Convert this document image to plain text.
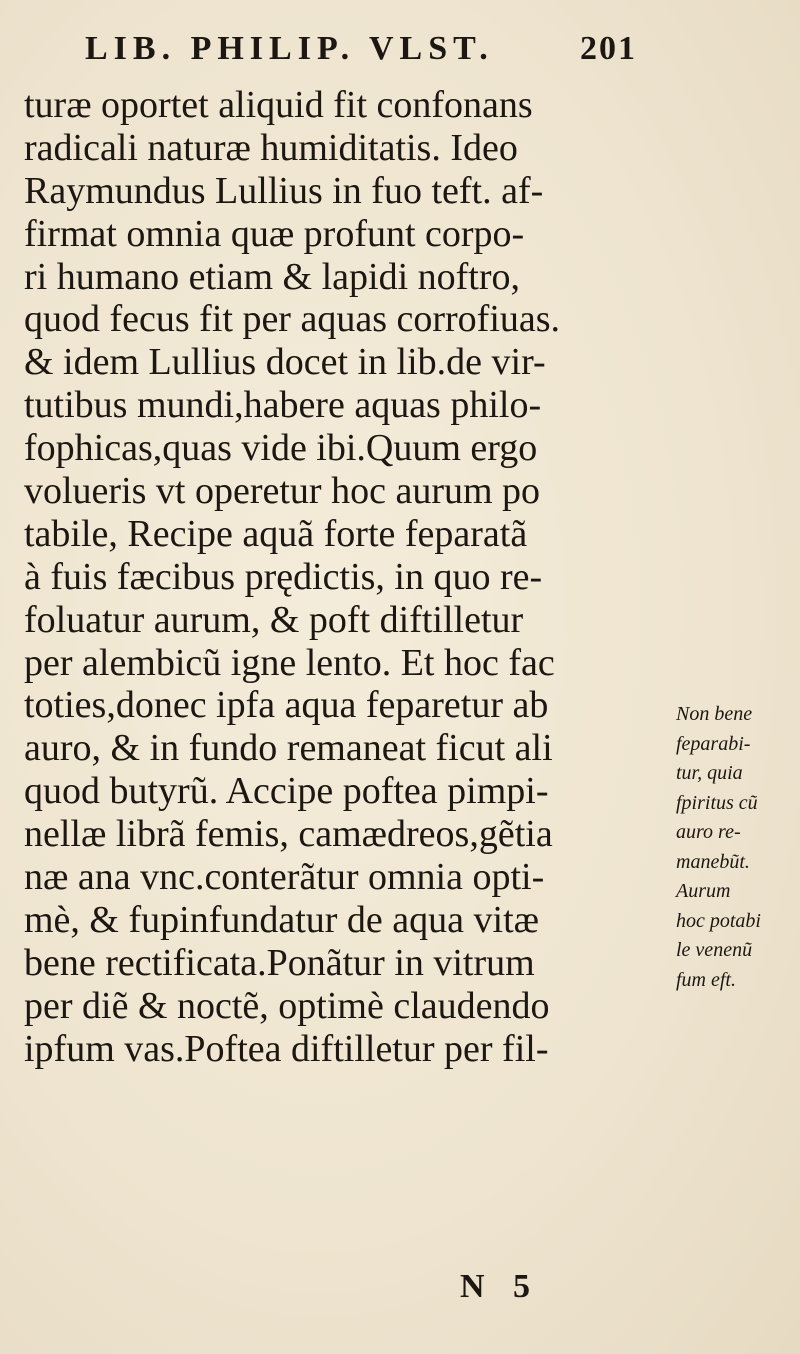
LIB. PHILIP. VLST.	201
turæ oportet aliquid fit confonans
radicali naturæ humiditatis. Ideo
Raymundus Lullius in fuo teft. af-
firmat omnia quæ profunt corpo-
ri humano etiam & lapidi noftro,
quod fecus fit per aquas corrofiuas.
& idem Lullius docet in lib.de vir-
tutibus mundi,habere aquas philo-
fophicas,quas vide ibi.Quum ergo
volueris vt operetur hoc aurum po
tabile, Recipe aquã forte feparatã
à fuis fæcibus prędictis, in quo re-
foluatur aurum, & poft diftilletur
per alembicũ igne lento. Et hoc fac
toties,donec ipfa aqua feparetur ab
auro, & in fundo remaneat ficut ali
quod butyrũ. Accipe poftea pimpi-
nellæ librã femis, camædreos,gẽtia
næ ana vnc.conterãtur omnia opti-
mè, & fupinfundatur de aqua vitæ
bene rectificata.Ponãtur in vitrum
per diẽ & noctẽ, optimè claudendo
ipfum vas.Poftea diftilletur per fil-
Non bene
feparabi-
tur, quia
fpiritus cũ
auro re-
manebũt.
Aurum
hoc potabi
le venenũ
fum eft.
N 5
